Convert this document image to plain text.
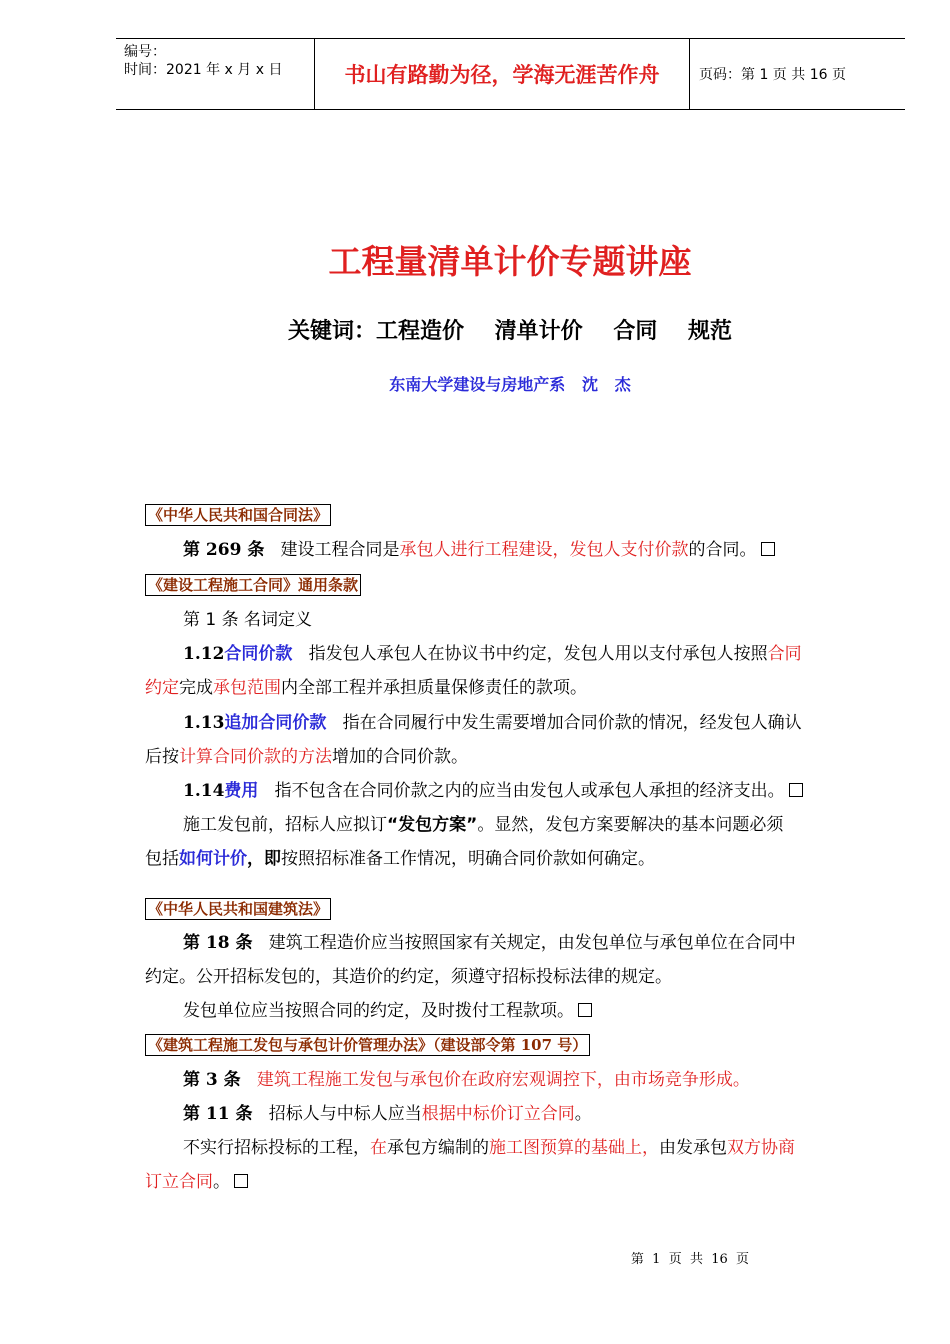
编号：
时间：2021 年 x 月 x 日	书山有路勤为径，学海无涯苦作舟	页码：第 1 页 共 16 页
工程量清单计价专题讲座
关键词：工程造价 清单计价 合同 规范
东南大学建设与房地产系   沈   杰
《中华人民共和国合同法》
第 269 条 建设工程合同是承包人进行工程建设，发包人支付价款的合同。
《建设工程施工合同》通用条款
第 1 条 名词定义
1.12合同价款 指发包人承包人在协议书中约定，发包人用以支付承包人按照合同
约定完成承包范围内全部工程并承担质量保修责任的款项。
1.13追加合同价款 指在合同履行中发生需要增加合同价款的情况，经发包人确认
后按计算合同价款的方法增加的合同价款。
1.14费用 指不包含在合同价款之内的应当由发包人或承包人承担的经济支出。
施工发包前，招标人应拟订“发包方案”。显然，发包方案要解决的基本问题必须
包括如何计价，即按照招标准备工作情况，明确合同价款如何确定。
《中华人民共和国建筑法》
第 18 条 建筑工程造价应当按照国家有关规定，由发包单位与承包单位在合同中
约定。公开招标发包的，其造价的约定，须遵守招标投标法律的规定。
发包单位应当按照合同的约定，及时拨付工程款项。
《建筑工程施工发包与承包计价管理办法》（建设部令第 107 号）
第 3 条 建筑工程施工发包与承包价在政府宏观调控下，由市场竞争形成。
第 11 条 招标人与中标人应当根据中标价订立合同。
不实行招标投标的工程，在承包方编制的施工图预算的基础上，由发承包双方协商
订立合同。
第  1  页  共  16  页
